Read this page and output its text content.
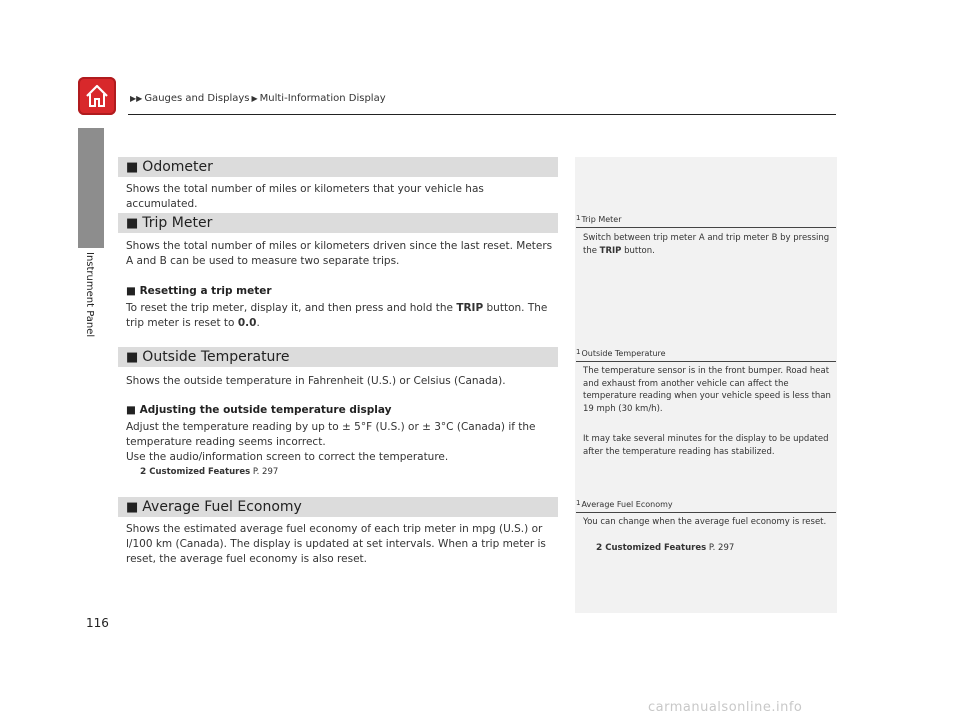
▶▶ Gauges and Displays ▶ Multi-Information Display
Instrument Panel
■ Odometer

Shows the total number of miles or kilometers that your vehicle has accumulated.

■ Trip Meter

Shows the total number of miles or kilometers driven since the last reset. Meters A and B can be used to measure two separate trips.

■ Resetting a trip meter

To reset the trip meter, display it, and then press and hold the TRIP button. The trip meter is reset to 0.0.

■ Outside Temperature

Shows the outside temperature in Fahrenheit (U.S.) or Celsius (Canada).

■ Adjusting the outside temperature display

Adjust the temperature reading by up to ± 5°F (U.S.) or ± 3°C (Canada) if the temperature reading seems incorrect.

Use the audio/information screen to correct the temperature.

2 Customized Features P. 297
■ Average Fuel Economy

Shows the estimated average fuel economy of each trip meter in mpg (U.S.) or l/100 km (Canada). The display is updated at set intervals. When a trip meter is reset, the average fuel economy is also reset.

1Trip Meter

Switch between trip meter A and trip meter B by pressing the TRIP button.

1Outside Temperature

The temperature sensor is in the front bumper. Road heat and exhaust from another vehicle can affect the temperature reading when your vehicle speed is less than 19 mph (30 km/h).

It may take several minutes for the display to be updated after the temperature reading has stabilized.

1Average Fuel Economy

You can change when the average fuel economy is reset.

2 Customized Features P. 297
116
carmanualsonline.info
